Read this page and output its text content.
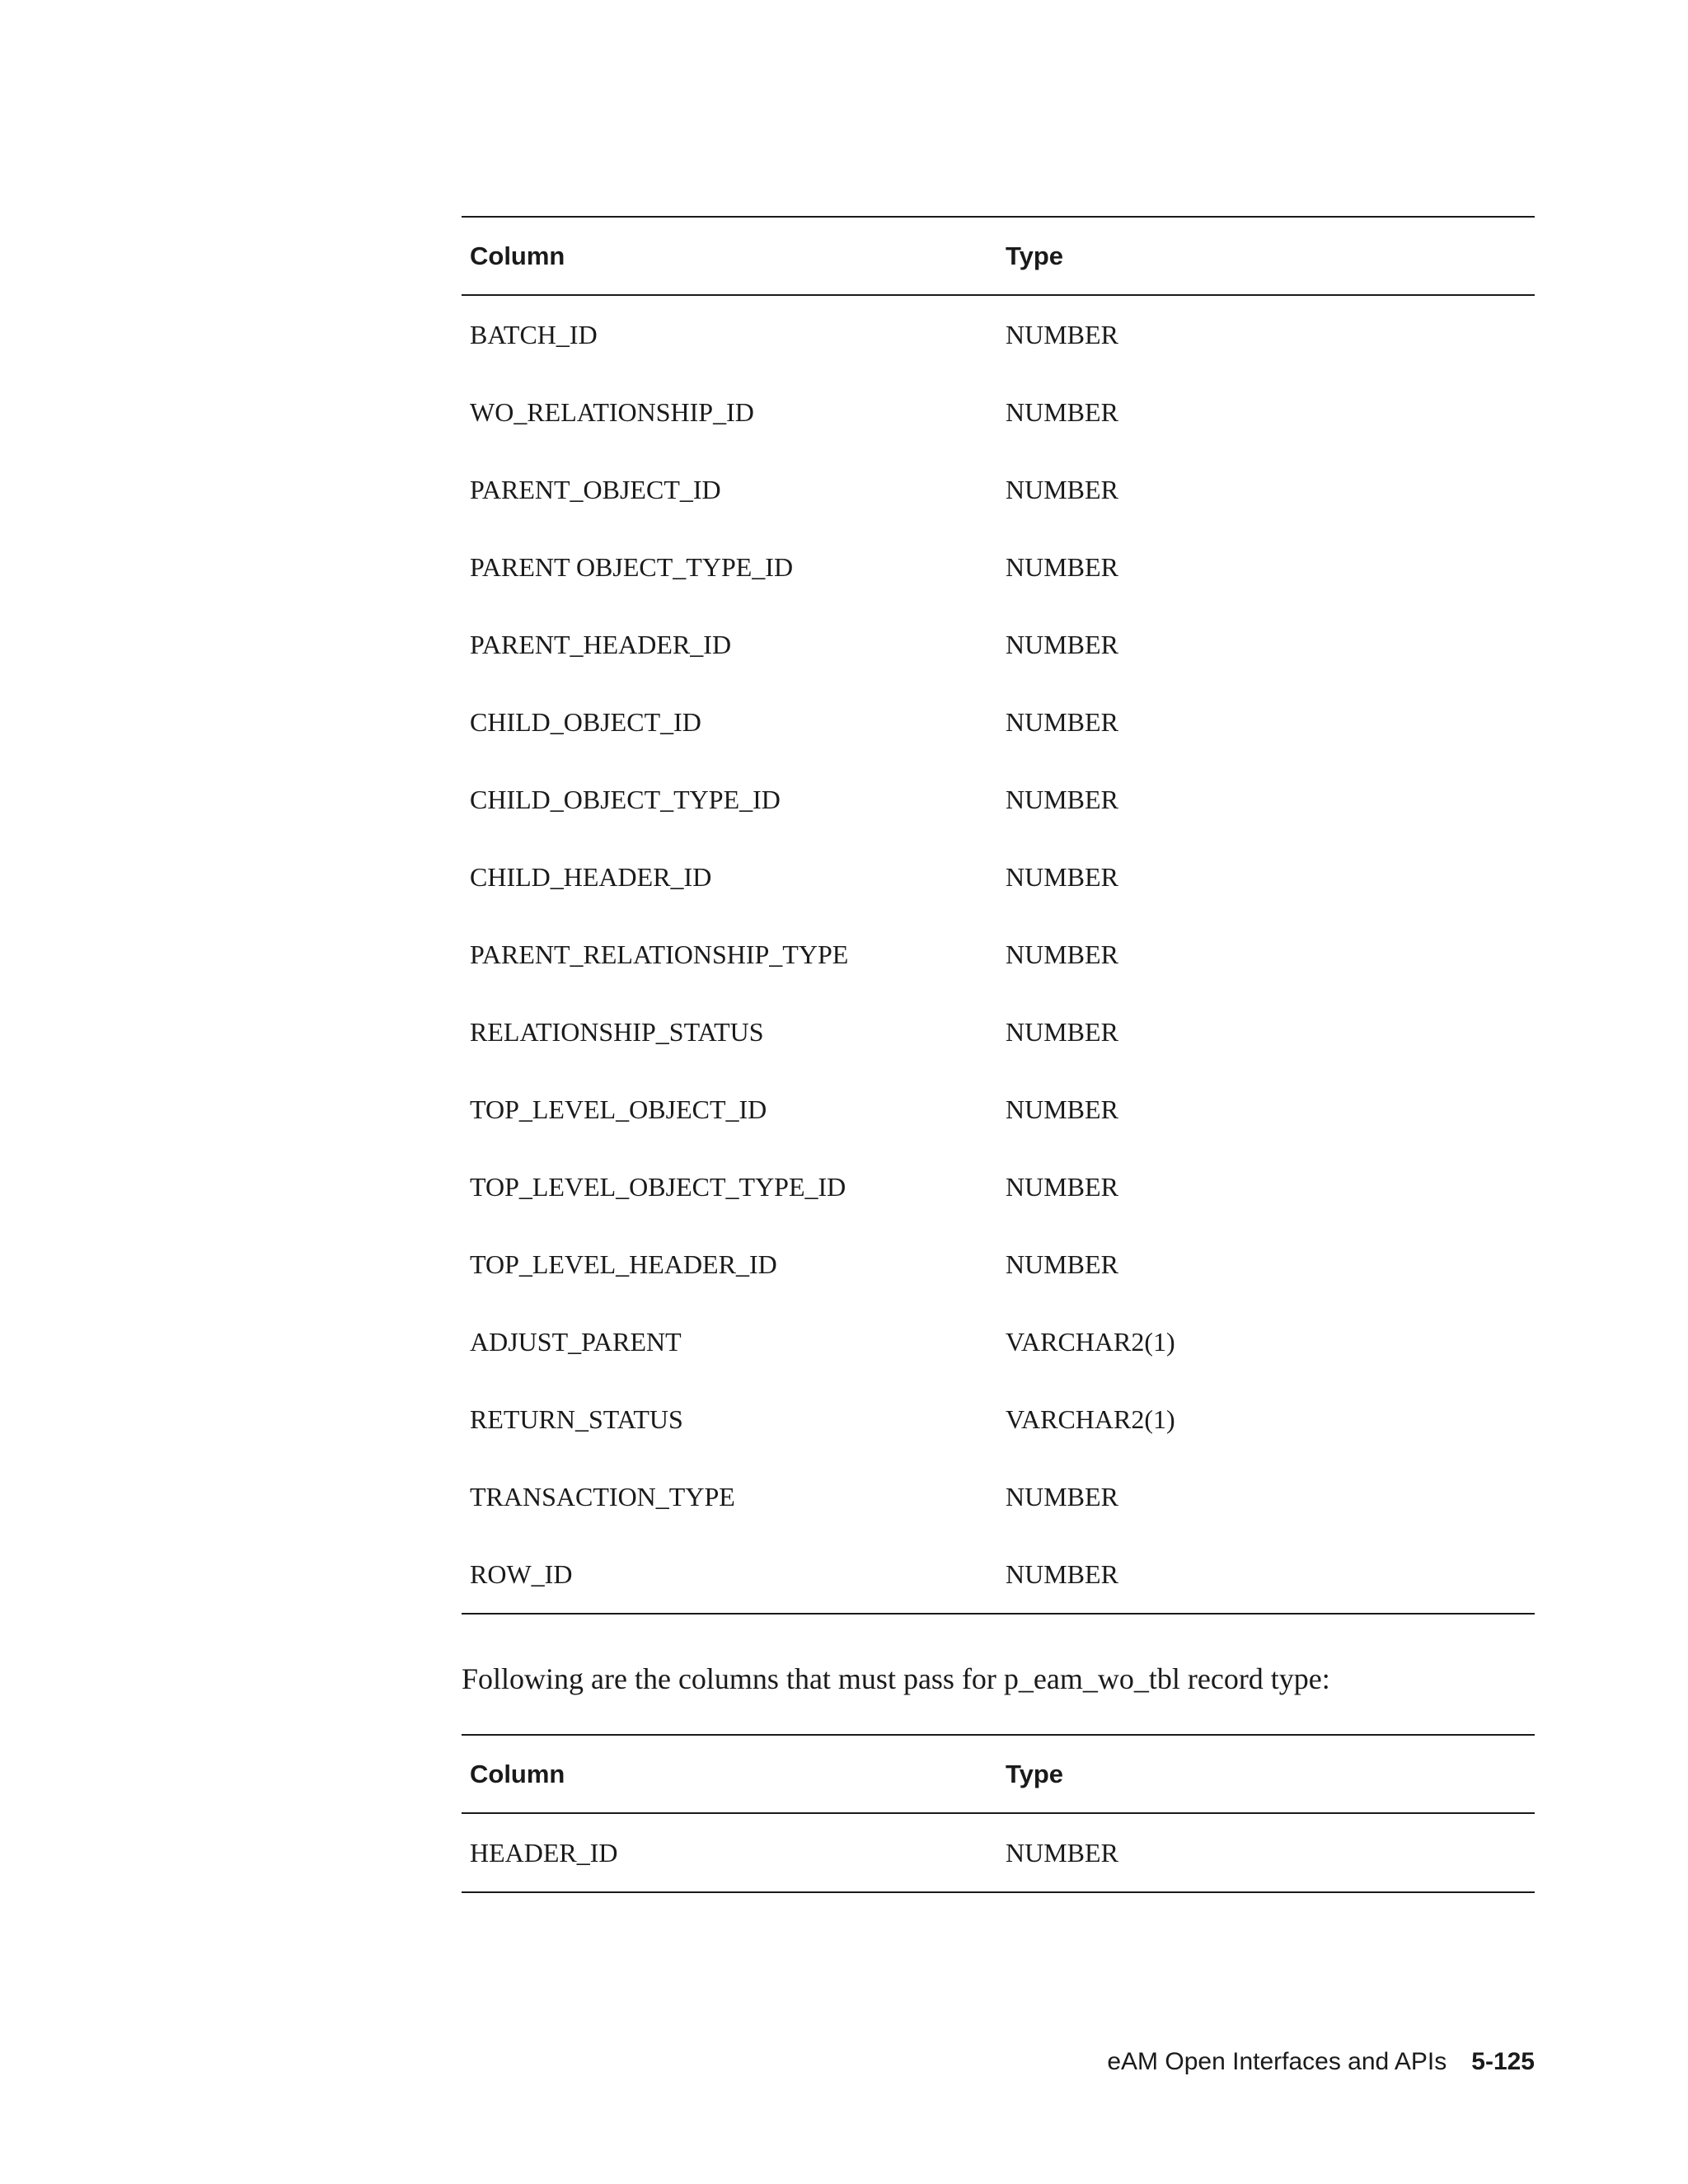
Column	Type
BATCH_ID	NUMBER
WO_RELATIONSHIP_ID	NUMBER
PARENT_OBJECT_ID	NUMBER
PARENT OBJECT_TYPE_ID	NUMBER
PARENT_HEADER_ID	NUMBER
CHILD_OBJECT_ID	NUMBER
CHILD_OBJECT_TYPE_ID	NUMBER
CHILD_HEADER_ID	NUMBER
PARENT_RELATIONSHIP_TYPE	NUMBER
RELATIONSHIP_STATUS	NUMBER
TOP_LEVEL_OBJECT_ID	NUMBER
TOP_LEVEL_OBJECT_TYPE_ID	NUMBER
TOP_LEVEL_HEADER_ID	NUMBER
ADJUST_PARENT	VARCHAR2(1)
RETURN_STATUS	VARCHAR2(1)
TRANSACTION_TYPE	NUMBER
ROW_ID	NUMBER

Following are the columns that must pass for p_eam_wo_tbl record type:

Column	Type
HEADER_ID	NUMBER
eAM Open Interfaces and APIs 5-125
